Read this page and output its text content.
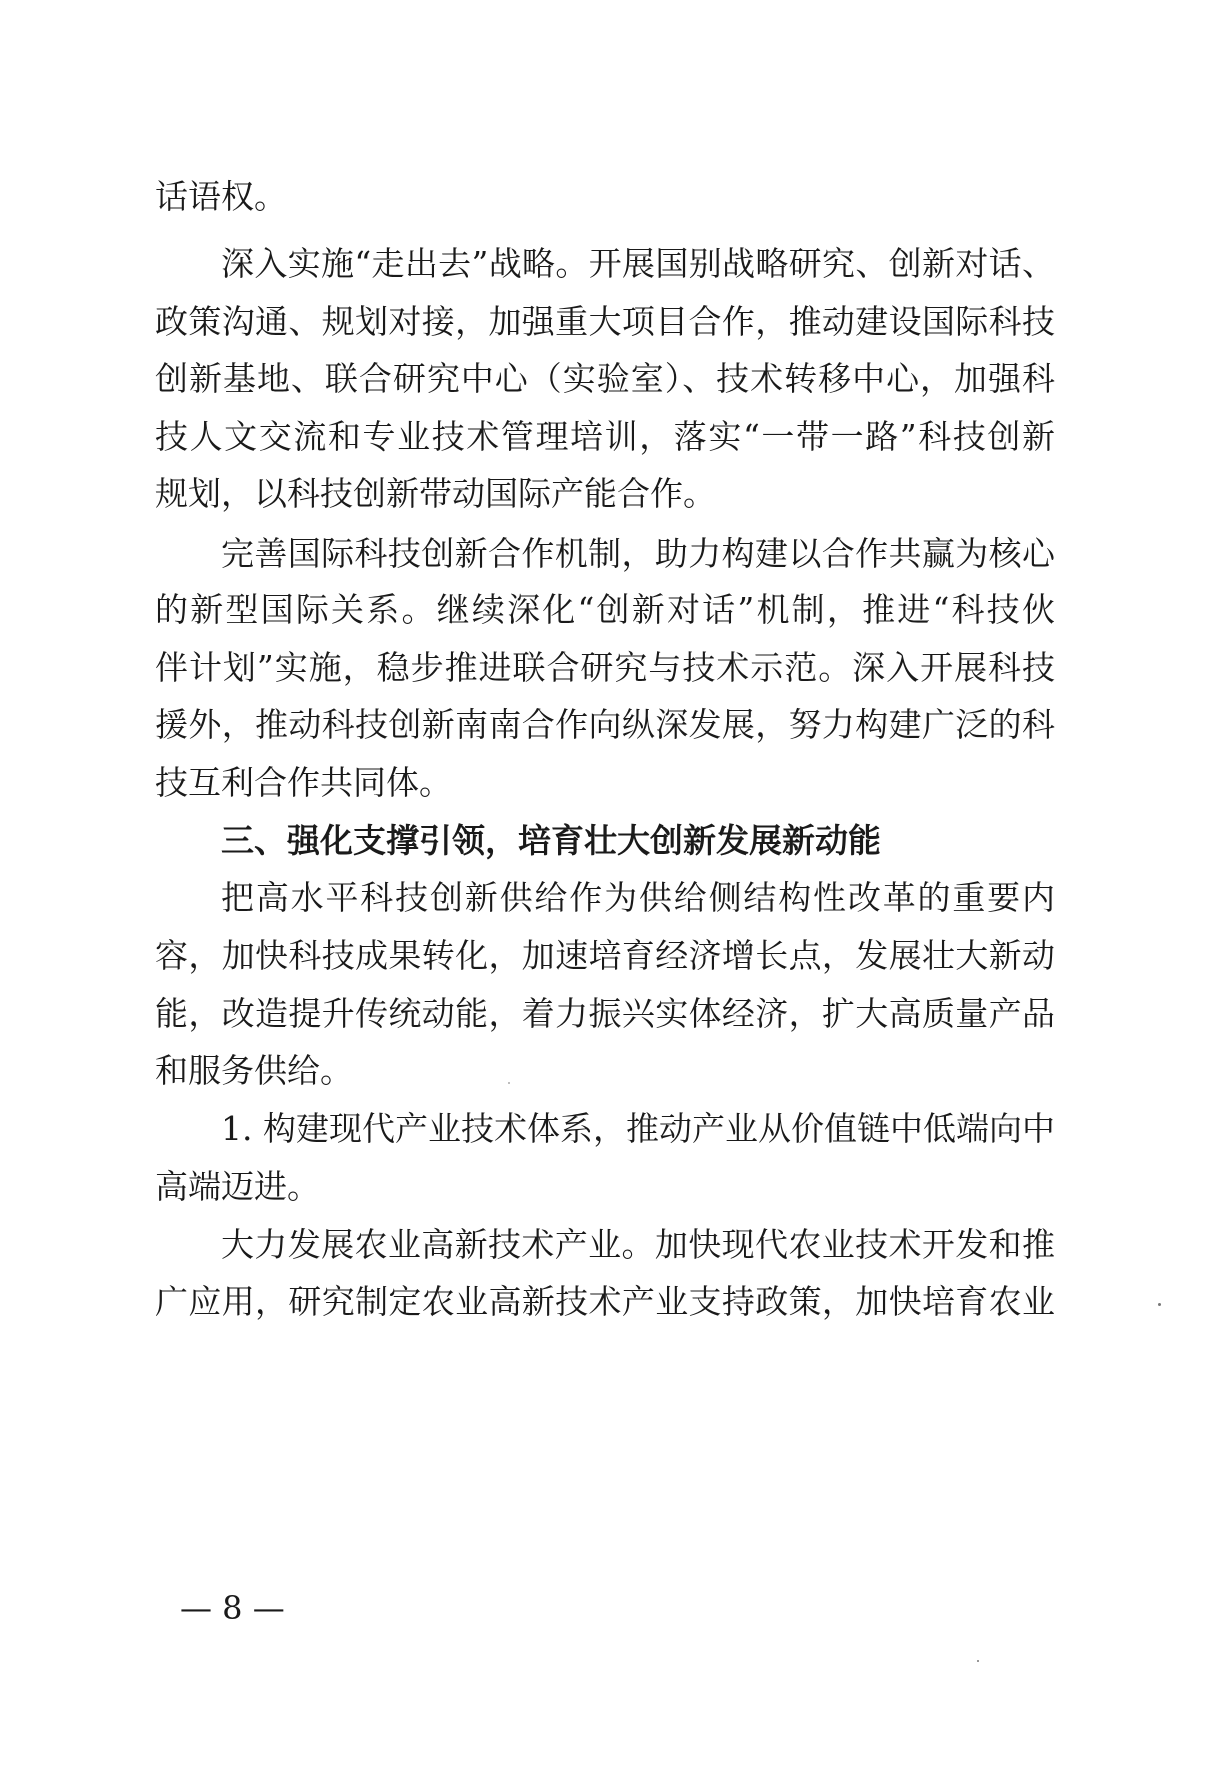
话语权。
深入实施“走出去”战略。开展国别战略研究、创新对话、
政策沟通、规划对接，加强重大项目合作，推动建设国际科技
创新基地、联合研究中心（实验室）、技术转移中心，加强科
技人文交流和专业技术管理培训，落实“一带一路”科技创新
规划，以科技创新带动国际产能合作。
完善国际科技创新合作机制，助力构建以合作共赢为核心
的新型国际关系。继续深化“创新对话”机制，推进“科技伙
伴计划”实施，稳步推进联合研究与技术示范。深入开展科技
援外，推动科技创新南南合作向纵深发展，努力构建广泛的科
技互利合作共同体。
三、强化支撑引领，培育壮大创新发展新动能
把高水平科技创新供给作为供给侧结构性改革的重要内
容，加快科技成果转化，加速培育经济增长点，发展壮大新动
能，改造提升传统动能，着力振兴实体经济，扩大高质量产品
和服务供给。
1. 构建现代产业技术体系，推动产业从价值链中低端向中
高端迈进。
大力发展农业高新技术产业。加快现代农业技术开发和推
广应用，研究制定农业高新技术产业支持政策，加快培育农业
— 8 —
